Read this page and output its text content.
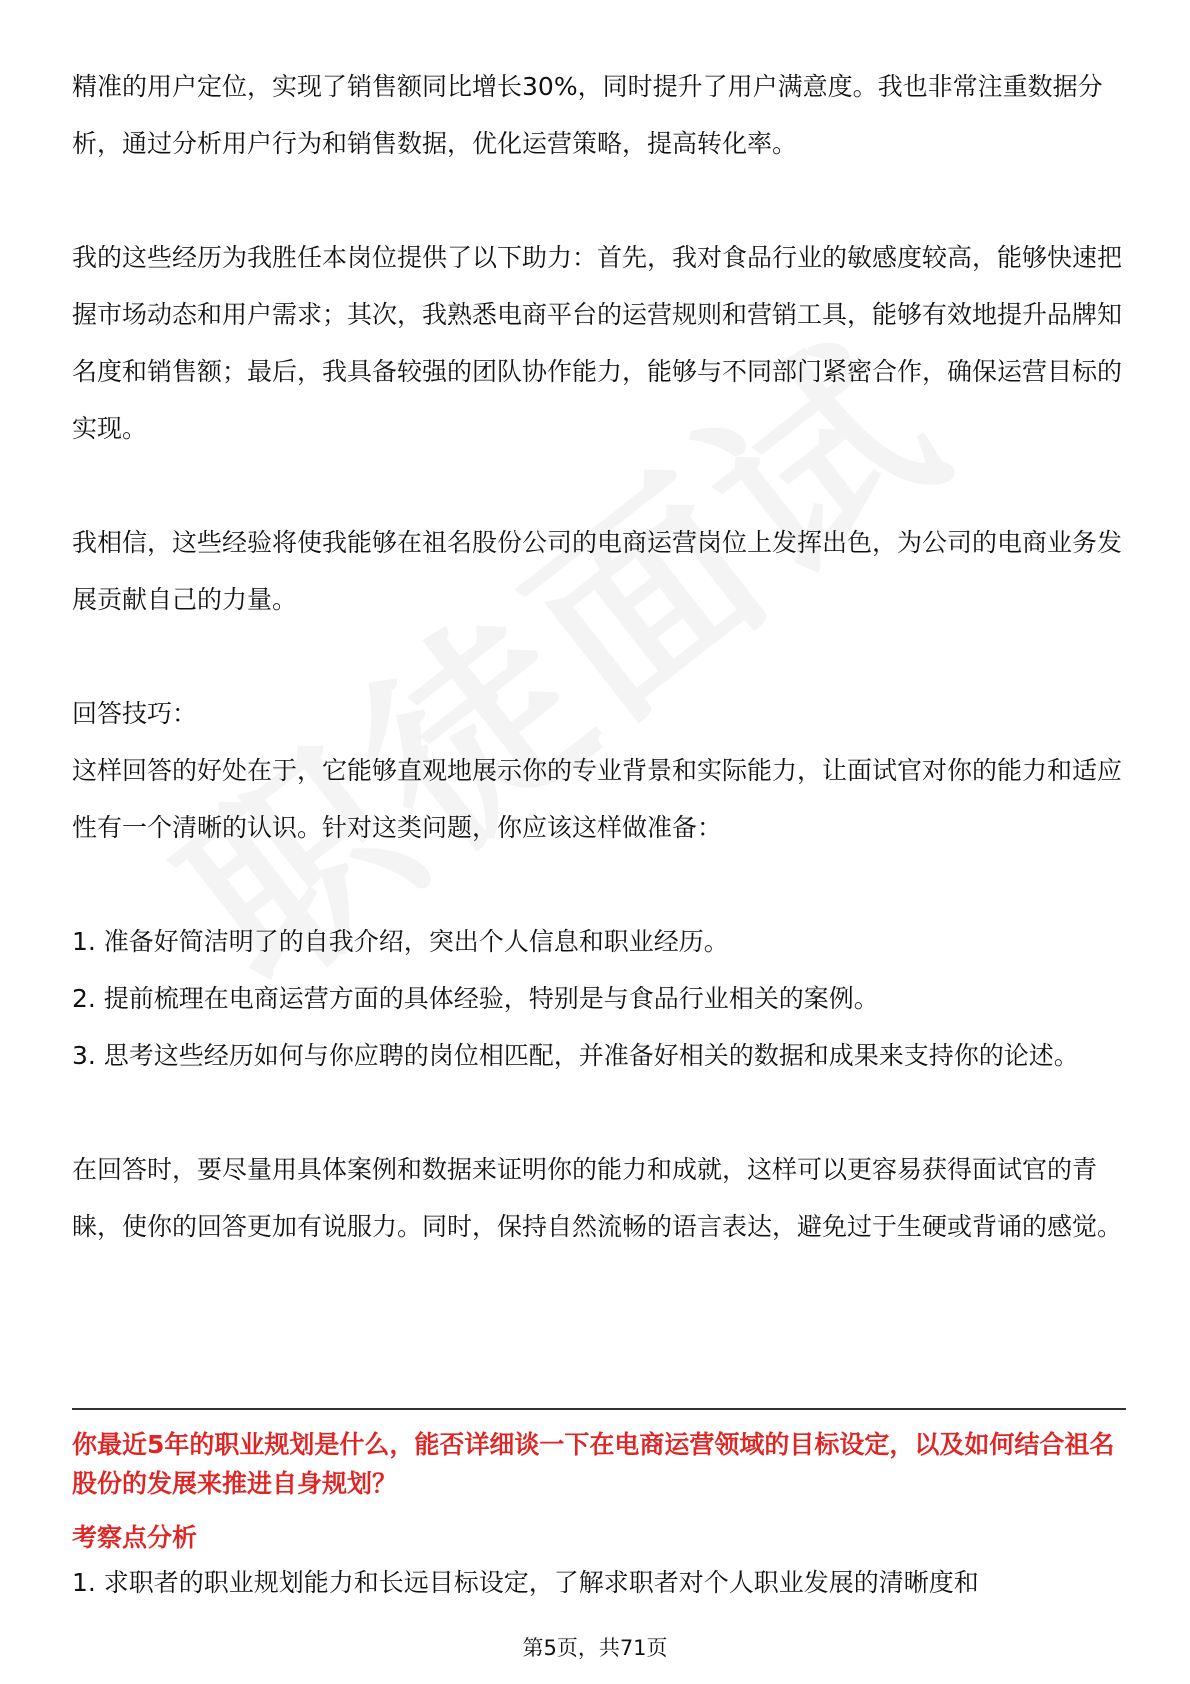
精准的用户定位，实现了销售额同比增长30%，同时提升了用户满意度。我也非常注重数据分析，通过分析用户行为和销售数据，优化运营策略，提高转化率。

我的这些经历为我胜任本岗位提供了以下助力：首先，我对食品行业的敏感度较高，能够快速把握市场动态和用户需求；其次，我熟悉电商平台的运营规则和营销工具，能够有效地提升品牌知名度和销售额；最后，我具备较强的团队协作能力，能够与不同部门紧密合作，确保运营目标的实现。

我相信，这些经验将使我能够在祖名股份公司的电商运营岗位上发挥出色，为公司的电商业务发展贡献自己的力量。

回答技巧：

这样回答的好处在于，它能够直观地展示你的专业背景和实际能力，让面试官对你的能力和适应性有一个清晰的认识。针对这类问题，你应该这样做准备：

1. 准备好简洁明了的自我介绍，突出个人信息和职业经历。

2. 提前梳理在电商运营方面的具体经验，特别是与食品行业相关的案例。

3. 思考这些经历如何与你应聘的岗位相匹配，并准备好相关的数据和成果来支持你的论述。

在回答时，要尽量用具体案例和数据来证明你的能力和成就，这样可以更容易获得面试官的青睐，使你的回答更加有说服力。同时，保持自然流畅的语言表达，避免过于生硬或背诵的感觉。

你最近5年的职业规划是什么，能否详细谈一下在电商运营领域的目标设定，以及如何结合祖名股份的发展来推进自身规划？

考察点分析

1. 求职者的职业规划能力和长远目标设定，了解求职者对个人职业发展的清晰度和

第5页，共71页
